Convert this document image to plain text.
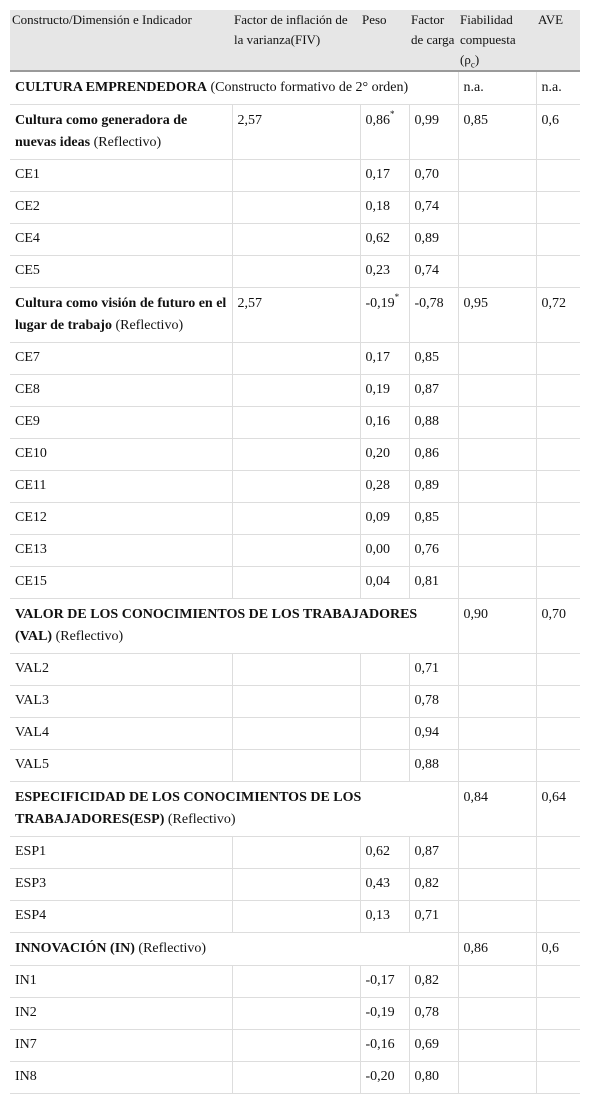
Constructo/Dimensión e Indicador	Factor de inflación de la varianza(FIV)	Peso	Factor de carga	Fiabilidad compuesta $(\rho_c)$	AVE
CULTURA EMPRENDEDORA (Constructo formativo de 2° orden)				n.a.	n.a.
Cultura como generadora de nuevas ideas (Reflectivo)	2,57	0,86*	0,99	0,85	0,6
CE1		0,17	0,70		
CE2		0,18	0,74		
CE4		0,62	0,89		
CE5		0,23	0,74		
Cultura como visión de futuro en el lugar de trabajo (Reflectivo)	2,57	-0,19*	-0,78	0,95	0,72
CE7		0,17	0,85		
CE8		0,19	0,87		
CE9		0,16	0,88		
CE10		0,20	0,86		
CE11		0,28	0,89		
CE12		0,09	0,85		
CE13		0,00	0,76		
CE15		0,04	0,81		
VALOR DE LOS CONOCIMIENTOS DE LOS TRABAJADORES (VAL) (Reflectivo)				0,90	0,70
VAL2			0,71		
VAL3			0,78		
VAL4			0,94		
VAL5			0,88		
ESPECIFICIDAD DE LOS CONOCIMIENTOS DE LOS TRABAJADORES(ESP) (Reflectivo)				0,84	0,64
ESP1		0,62	0,87		
ESP3		0,43	0,82		
ESP4		0,13	0,71		
INNOVACIÓN (IN) (Reflectivo)				0,86	0,6
IN1		-0,17	0,82		
IN2		-0,19	0,78		
IN7		-0,16	0,69		
IN8		-0,20	0,80		
